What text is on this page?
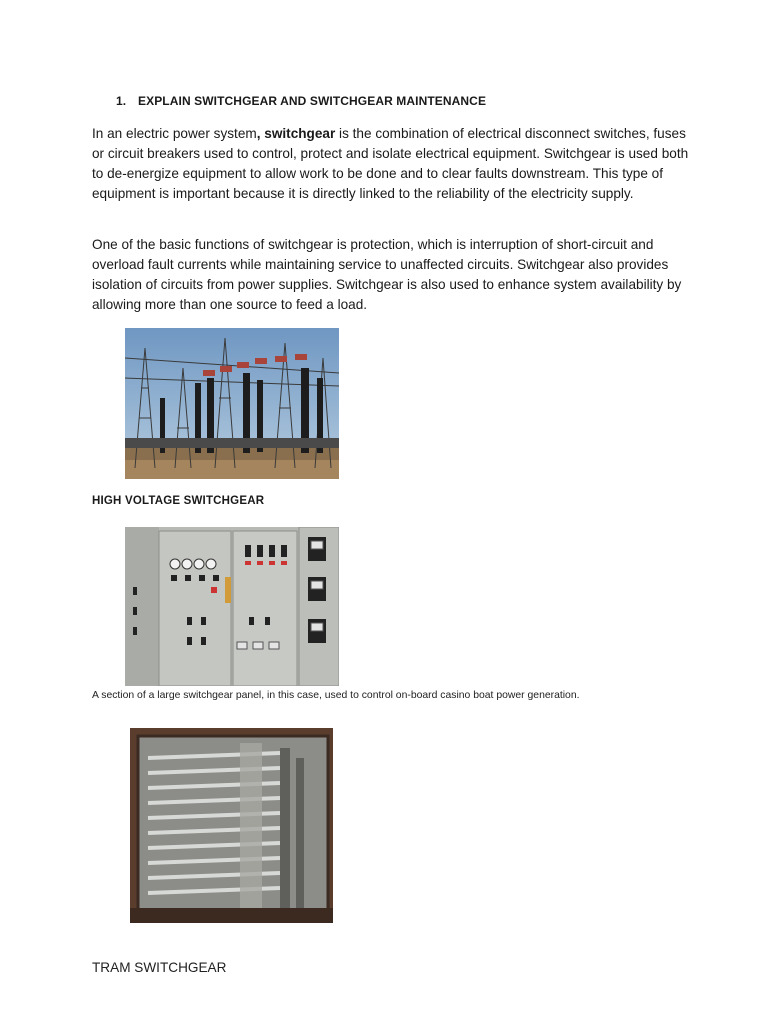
1. EXPLAIN SWITCHGEAR AND SWITCHGEAR MAINTENANCE

In an electric power system, switchgear is the combination of electrical disconnect switches, fuses or circuit breakers used to control, protect and isolate electrical equipment. Switchgear is used both to de-energize equipment to allow work to be done and to clear faults downstream. This type of equipment is important because it is directly linked to the reliability of the electricity supply.

One of the basic functions of switchgear is protection, which is interruption of short-circuit and overload fault currents while maintaining service to unaffected circuits. Switchgear also provides isolation of circuits from power supplies. Switchgear is also used to enhance system availability by allowing more than one source to feed a load.

HIGH VOLTAGE SWITCHGEAR
A section of a large switchgear panel, in this case, used to control on-board casino boat power generation.
TRAM SWITCHGEAR
